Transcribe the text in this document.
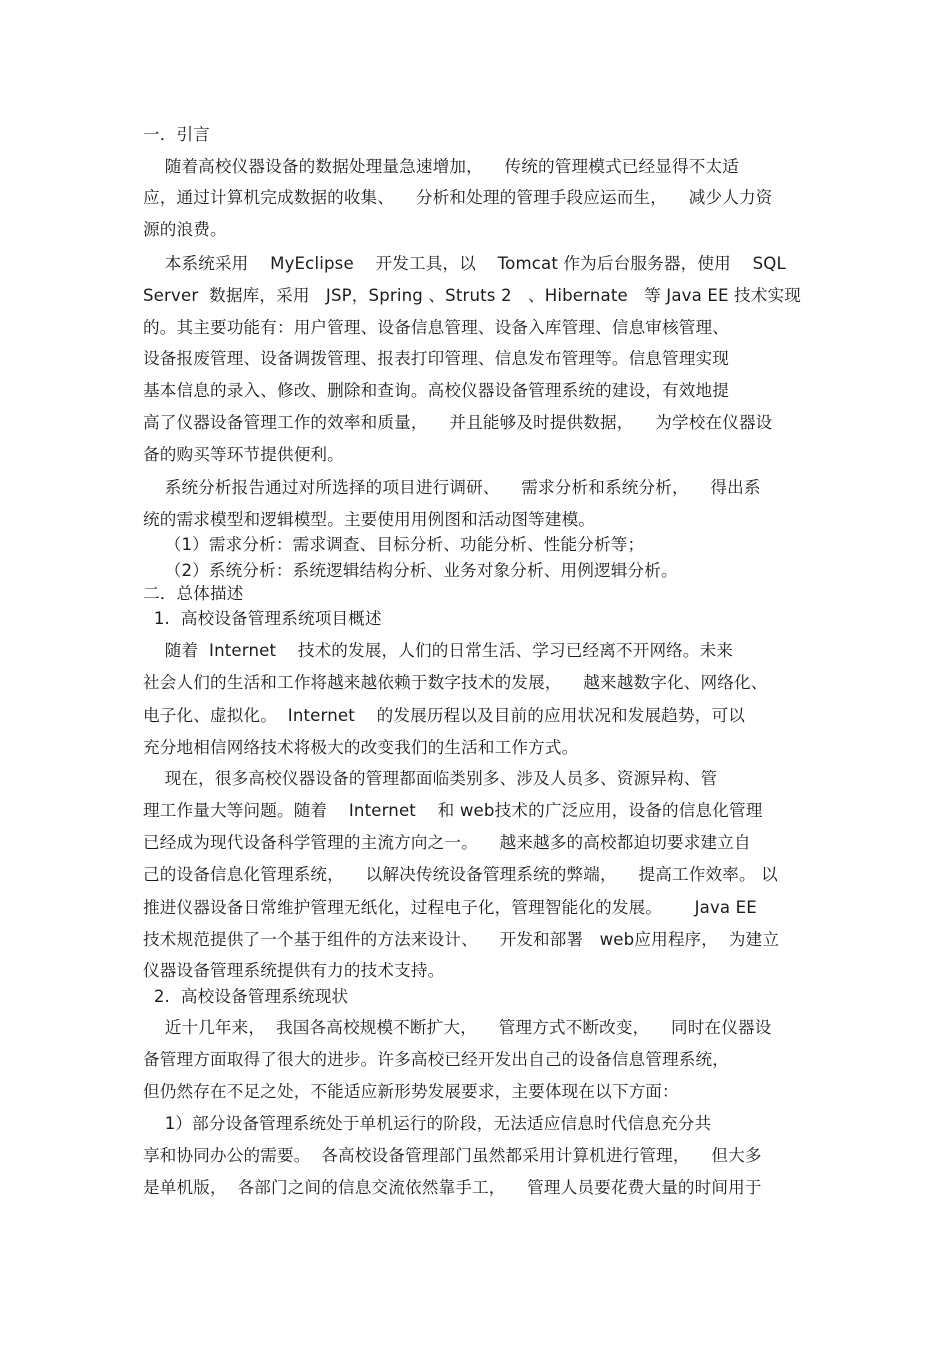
一．引言

随着高校仪器设备的数据处理量急速增加，    传统的管理模式已经显得不太适

应，通过计算机完成数据的收集、    分析和处理的管理手段应运而生，    减少人力资

源的浪费。

本系统采用    MyEclipse    开发工具，以    Tomcat 作为后台服务器，使用    SQL

Server  数据库，采用   JSP，Spring 、Struts 2   、Hibernate   等 Java EE 技术实现

的。其主要功能有：用户管理、设备信息管理、设备入库管理、信息审核管理、

设备报废管理、设备调拨管理、报表打印管理、信息发布管理等。信息管理实现

基本信息的录入、修改、删除和查询。高校仪器设备管理系统的建设，有效地提

高了仪器设备管理工作的效率和质量，    并且能够及时提供数据，    为学校在仪器设

备的购买等环节提供便利。

系统分析报告通过对所选择的项目进行调研、    需求分析和系统分析，    得出系

统的需求模型和逻辑模型。主要使用用例图和活动图等建模。

（1）需求分析：需求调查、目标分析、功能分析、性能分析等；

（2）系统分析：系统逻辑结构分析、业务对象分析、用例逻辑分析。

二．总体描述

1.  高校设备管理系统项目概述

随着  Internet    技术的发展，人们的日常生活、学习已经离不开网络。未来

社会人们的生活和工作将越来越依赖于数字技术的发展，    越来越数字化、网络化、

电子化、虚拟化。  Internet    的发展历程以及目前的应用状况和发展趋势，可以

充分地相信网络技术将极大的改变我们的生活和工作方式。

现在，很多高校仪器设备的管理都面临类别多、涉及人员多、资源异构、管

理工作量大等问题。随着    Internet    和 web技术的广泛应用，设备的信息化管理

已经成为现代设备科学管理的主流方向之一。    越来越多的高校都迫切要求建立自

己的设备信息化管理系统，    以解决传统设备管理系统的弊端，    提高工作效率。 以

推进仪器设备日常维护管理无纸化，过程电子化，管理智能化的发展。      Java EE

技术规范提供了一个基于组件的方法来设计、    开发和部署   web应用程序，  为建立

仪器设备管理系统提供有力的技术支持。

2.  高校设备管理系统现状

近十几年来，  我国各高校规模不断扩大，    管理方式不断改变，    同时在仪器设

备管理方面取得了很大的进步。许多高校已经开发出自己的设备信息管理系统，

但仍然存在不足之处，不能适应新形势发展要求，主要体现在以下方面：

1）部分设备管理系统处于单机运行的阶段，无法适应信息时代信息充分共

享和协同办公的需要。  各高校设备管理部门虽然都采用计算机进行管理，    但大多

是单机版，  各部门之间的信息交流依然靠手工，    管理人员要花费大量的时间用于
